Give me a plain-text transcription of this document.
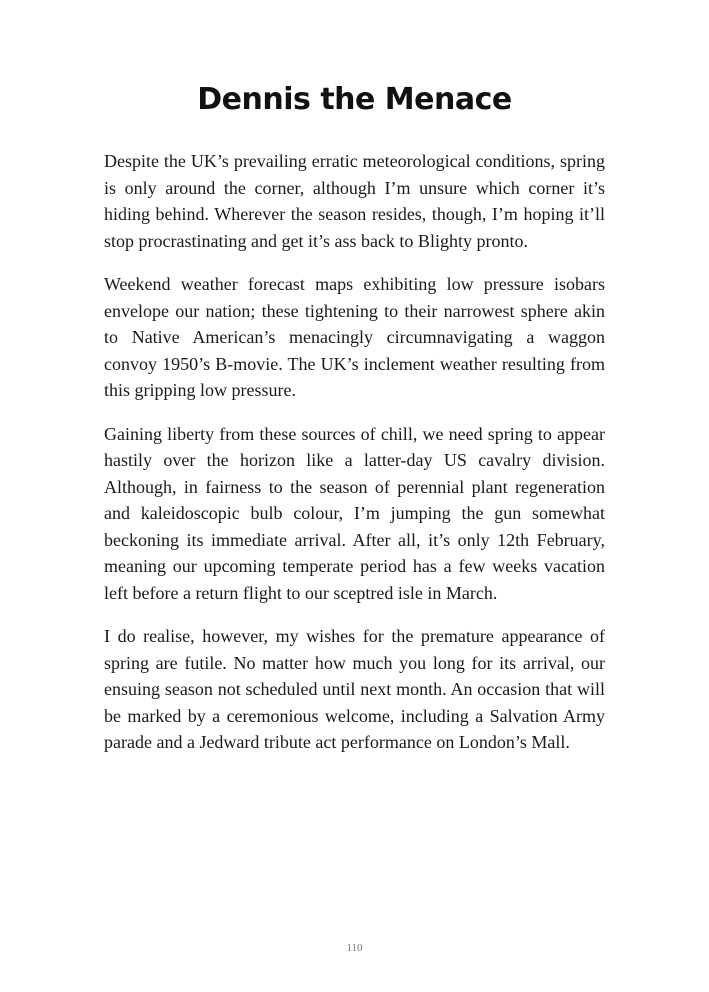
Dennis the Menace

Despite the UK’s prevailing erratic meteorological conditions, spring is only around the corner, although I’m unsure which corner it’s hiding behind. Wherever the season resides, though, I’m hoping it’ll stop procrastinating and get it’s ass back to Blighty pronto.

Weekend weather forecast maps exhibiting low pressure isobars envelope our nation; these tightening to their narrowest sphere akin to Native American’s menacingly circumnavigating a waggon convoy 1950’s B-movie. The UK’s inclement weather resulting from this gripping low pressure.

Gaining liberty from these sources of chill, we need spring to appear hastily over the horizon like a latter-day US cavalry division. Although, in fairness to the season of perennial plant regeneration and kaleidoscopic bulb colour, I’m jumping the gun somewhat beckoning its immediate arrival. After all, it’s only 12th February, meaning our upcoming temperate period has a few weeks vacation left before a return flight to our sceptred isle in March.

I do realise, however, my wishes for the premature appearance of spring are futile. No matter how much you long for its arrival, our ensuing season not scheduled until next month. An occasion that will be marked by a ceremonious welcome, including a Salvation Army parade and a Jedward tribute act performance on London’s Mall.

110
